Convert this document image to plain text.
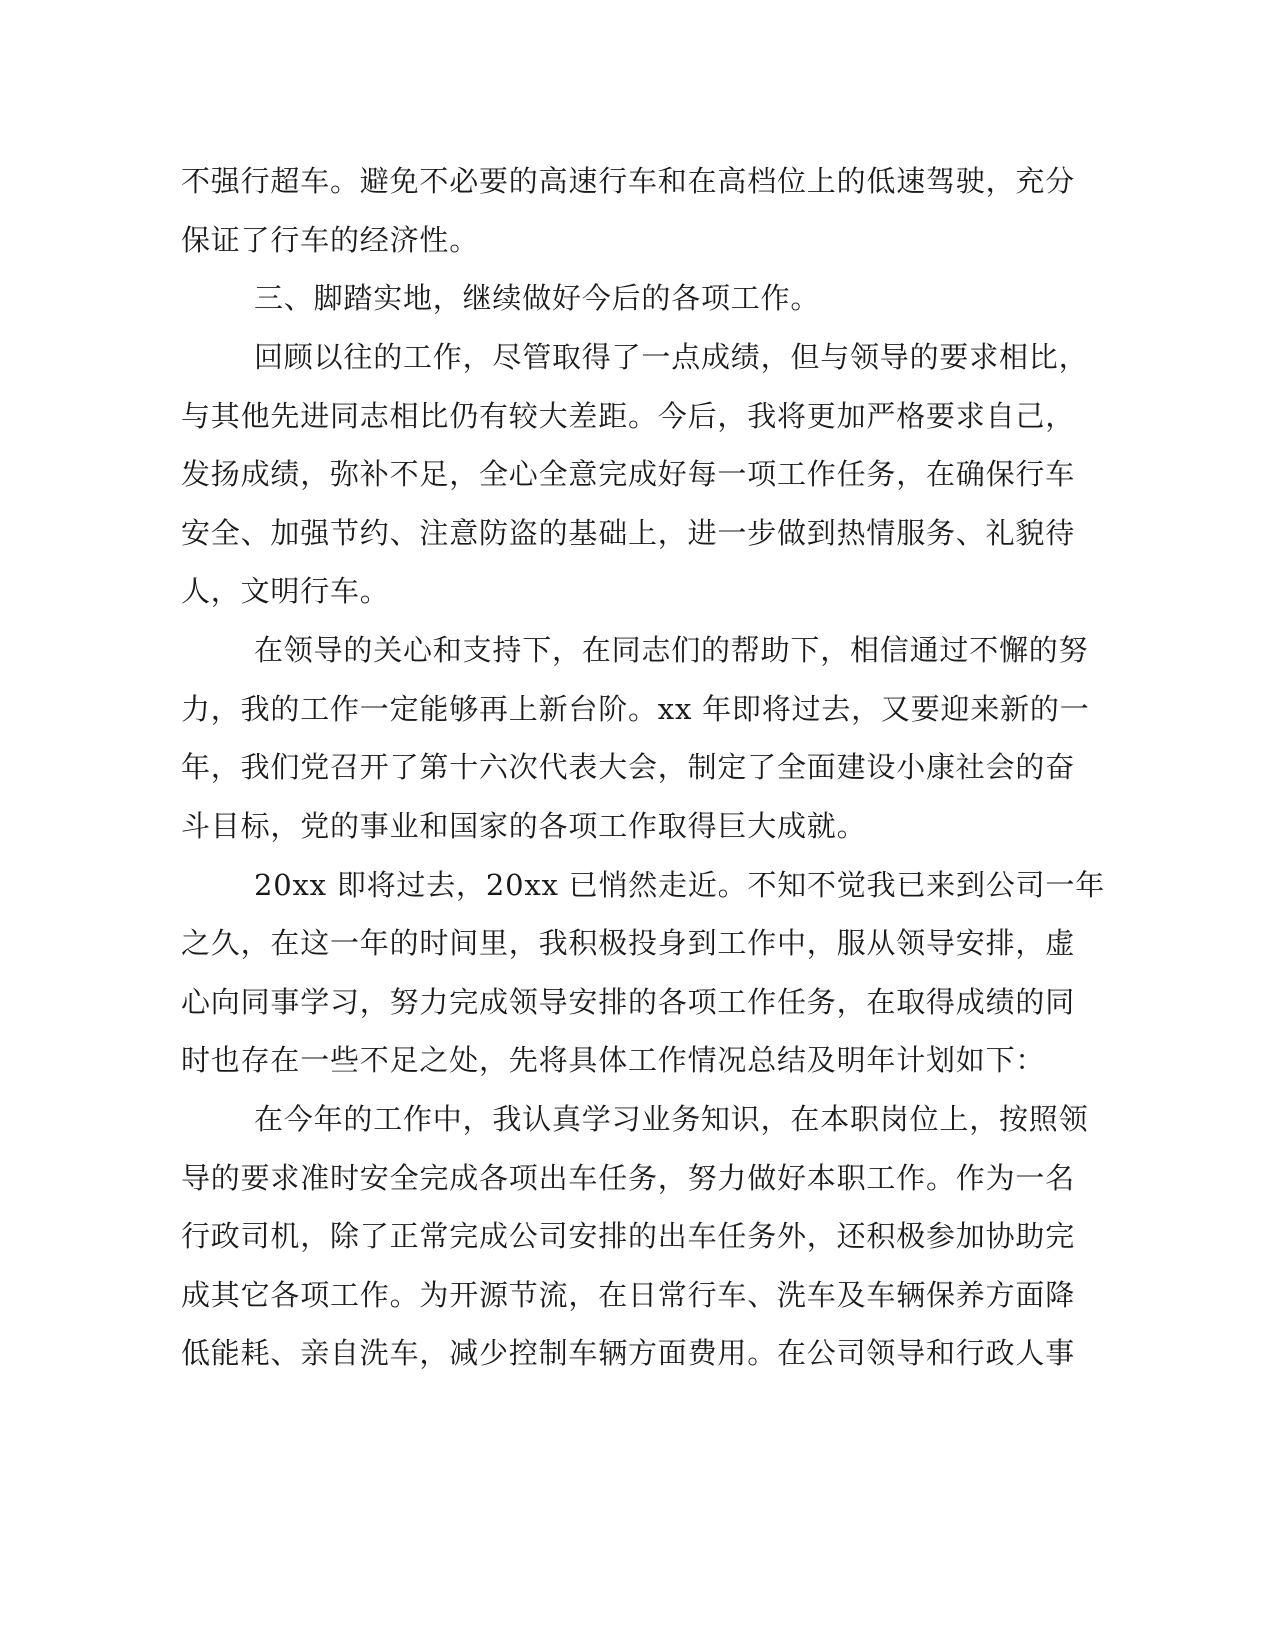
不强行超车。避免不必要的高速行车和在高档位上的低速驾驶，充分
保证了行车的经济性。
三、脚踏实地，继续做好今后的各项工作。
回顾以往的工作，尽管取得了一点成绩，但与领导的要求相比，
与其他先进同志相比仍有较大差距。今后，我将更加严格要求自己，
发扬成绩，弥补不足，全心全意完成好每一项工作任务，在确保行车
安全、加强节约、注意防盗的基础上，进一步做到热情服务、礼貌待
人，文明行车。
在领导的关心和支持下，在同志们的帮助下，相信通过不懈的努
力，我的工作一定能够再上新台阶。xx 年即将过去，又要迎来新的一
年，我们党召开了第十六次代表大会，制定了全面建设小康社会的奋
斗目标，党的事业和国家的各项工作取得巨大成就。
20xx 即将过去，20xx 已悄然走近。不知不觉我已来到公司一年
之久，在这一年的时间里，我积极投身到工作中，服从领导安排，虚
心向同事学习，努力完成领导安排的各项工作任务，在取得成绩的同
时也存在一些不足之处，先将具体工作情况总结及明年计划如下：
在今年的工作中，我认真学习业务知识，在本职岗位上，按照领
导的要求准时安全完成各项出车任务，努力做好本职工作。作为一名
行政司机，除了正常完成公司安排的出车任务外，还积极参加协助完
成其它各项工作。为开源节流，在日常行车、洗车及车辆保养方面降
低能耗、亲自洗车，减少控制车辆方面费用。在公司领导和行政人事
